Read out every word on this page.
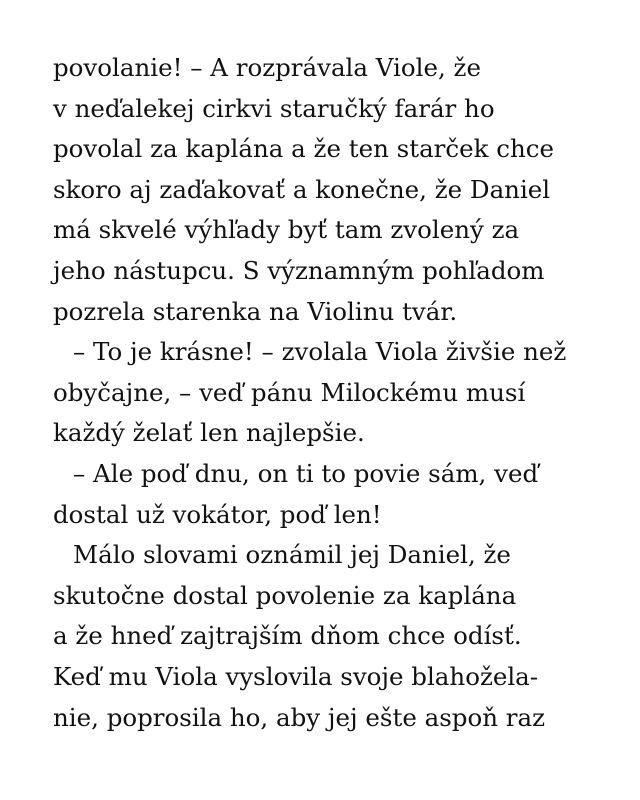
povolanie! – A rozprávala Viole, že
v neďalekej cirkvi staručký farár ho
povolal za kaplána a že ten starček chce
skoro aj zaďakovať a konečne, že Daniel
má skvelé výhľady byť tam zvolený za
jeho nástupcu. S významným pohľadom
pozrela starenka na Violinu tvár.
– To je krásne! – zvolala Viola živšie než
obyčajne, – veď pánu Milockému musí
každý želať len najlepšie.
– Ale poď dnu, on ti to povie sám, veď
dostal už vokátor, poď len!
Málo slovami oznámil jej Daniel, že
skutočne dostal povolenie za kaplána
a že hneď zajtrajším dňom chce odísť.
Keď mu Viola vyslovila svoje blahožela-
nie, poprosila ho, aby jej ešte aspoň raz
